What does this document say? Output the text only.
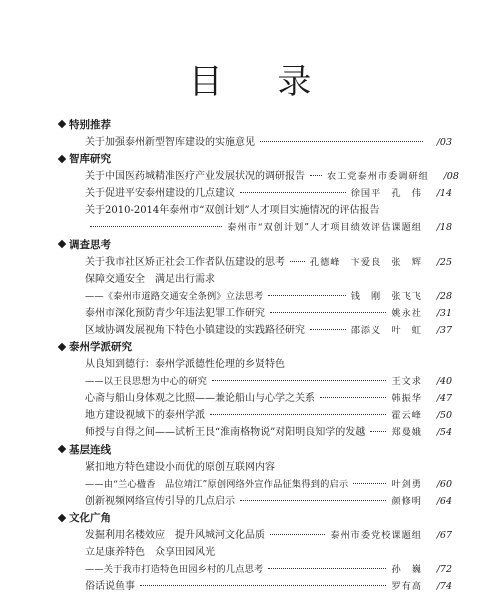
目 录
特别推荐
关于加强泰州新型智库建设的实施意见	/03
智库研究
关于中国医药城精准医疗产业发展状况的调研报告 农工党泰州市委调研组	/08
关于促进平安泰州建设的几点建议	徐国平　孔　伟	/14
关于2010-2014年泰州市“双创计划”人才项目实施情况的评估报告
泰州市“双创计划”人才项目绩效评估课题组	/18
调查思考
关于我市社区矫正社会工作者队伍建设的思考	孔德峰　卞爱良　张　辉	/25
保障交通安全　满足出行需求
——《泰州市道路交通安全条例》立法思考	钱　刚　张飞飞	/28
泰州市深化预防青少年违法犯罪工作研究	姚永社	/31
区域协调发展视角下特色小镇建设的实践路径研究	邵添义　叶　虹	/37
泰州学派研究
从良知到德行：泰州学派德性伦理的乡贤特色
——以王艮思想为中心的研究	王文求	/40
心斋与船山身体观之比照——兼论船山与心学之关系	韩振华	/47
地方建设视域下的泰州学派	霍云峰	/50
师授与自得之间——试析王艮“淮南格物说”对阳明良知学的发越	郑曼娥	/54
基层连线
紧扣地方特色建设小而优的原创互联网内容
——由“兰心楹香　品位靖江”原创网络外宣作品征集得到的启示	叶剑勇	/60
创新视频网络宣传引导的几点启示	颜修明	/64
文化广角
发掘利用名楼效应　提升风城河文化品质	泰州市委党校课题组	/67
立足康养特色　众享田园风光
——关于我市打造特色田园乡村的几点思考	孙　巍	/72
俗话说鱼事	罗有高	/74
